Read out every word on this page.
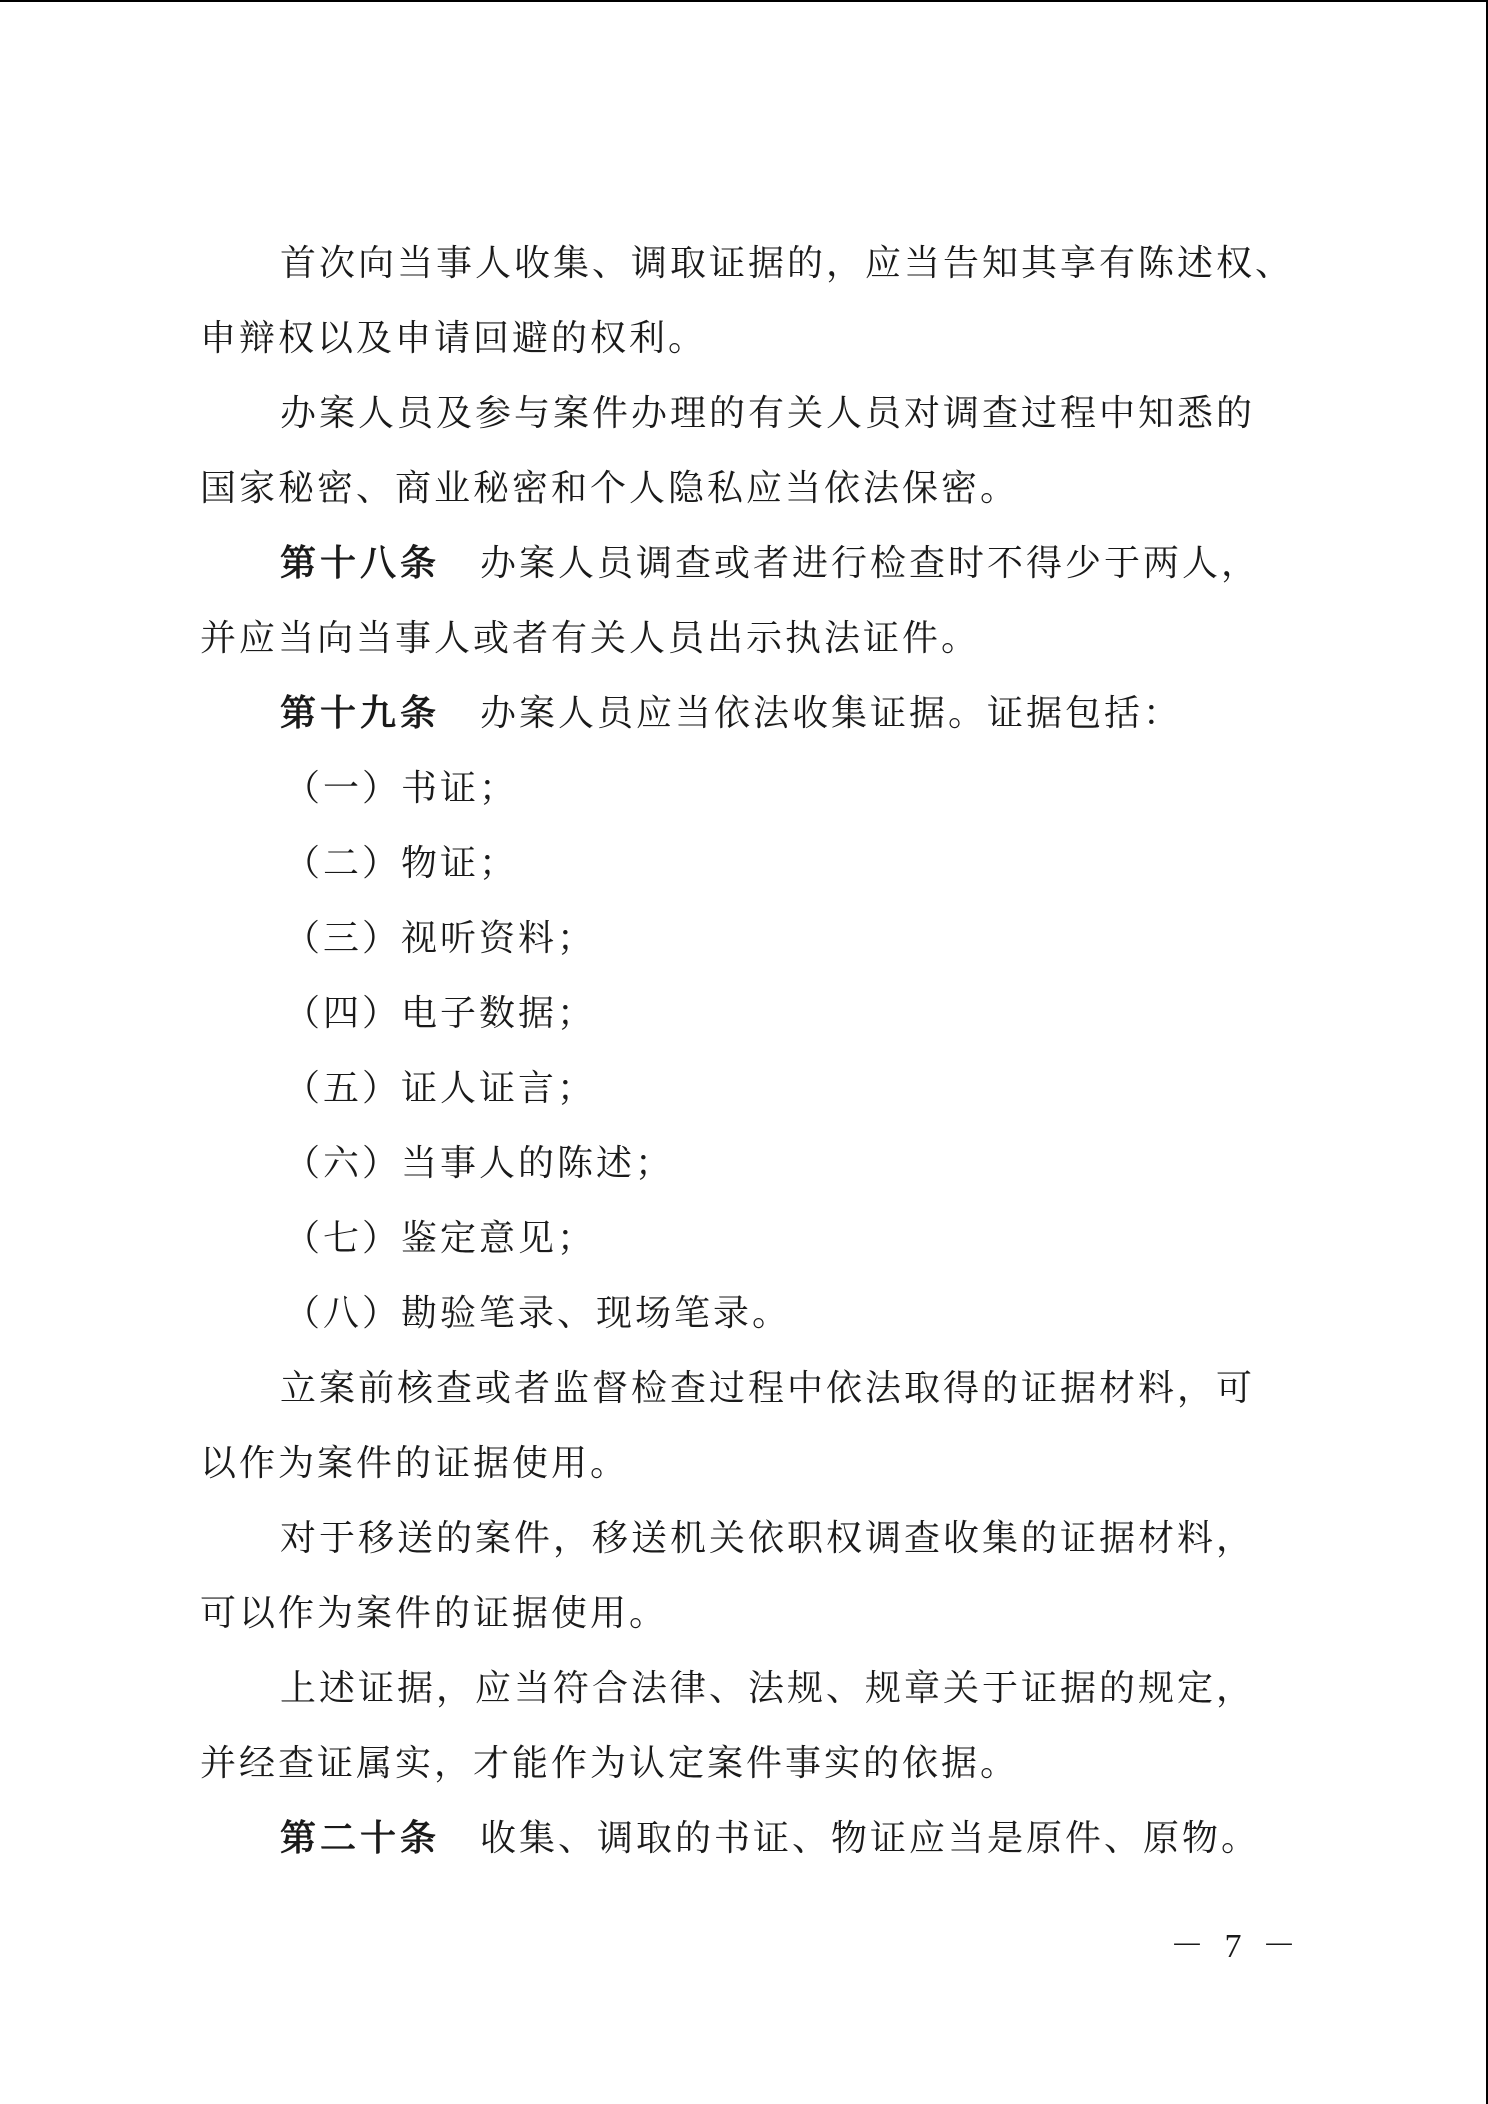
首次向当事人收集、调取证据的，应当告知其享有陈述权、
申辩权以及申请回避的权利。
办案人员及参与案件办理的有关人员对调查过程中知悉的
国家秘密、商业秘密和个人隐私应当依法保密。
第十八条 办案人员调查或者进行检查时不得少于两人，
并应当向当事人或者有关人员出示执法证件。
第十九条 办案人员应当依法收集证据。证据包括：
（一）书证；
（二）物证；
（三）视听资料；
（四）电子数据；
（五）证人证言；
（六）当事人的陈述；
（七）鉴定意见；
（八）勘验笔录、现场笔录。
立案前核查或者监督检查过程中依法取得的证据材料，可
以作为案件的证据使用。
对于移送的案件，移送机关依职权调查收集的证据材料，
可以作为案件的证据使用。
上述证据，应当符合法律、法规、规章关于证据的规定，
并经查证属实，才能作为认定案件事实的依据。
第二十条 收集、调取的书证、物证应当是原件、原物。
－ 7 －
